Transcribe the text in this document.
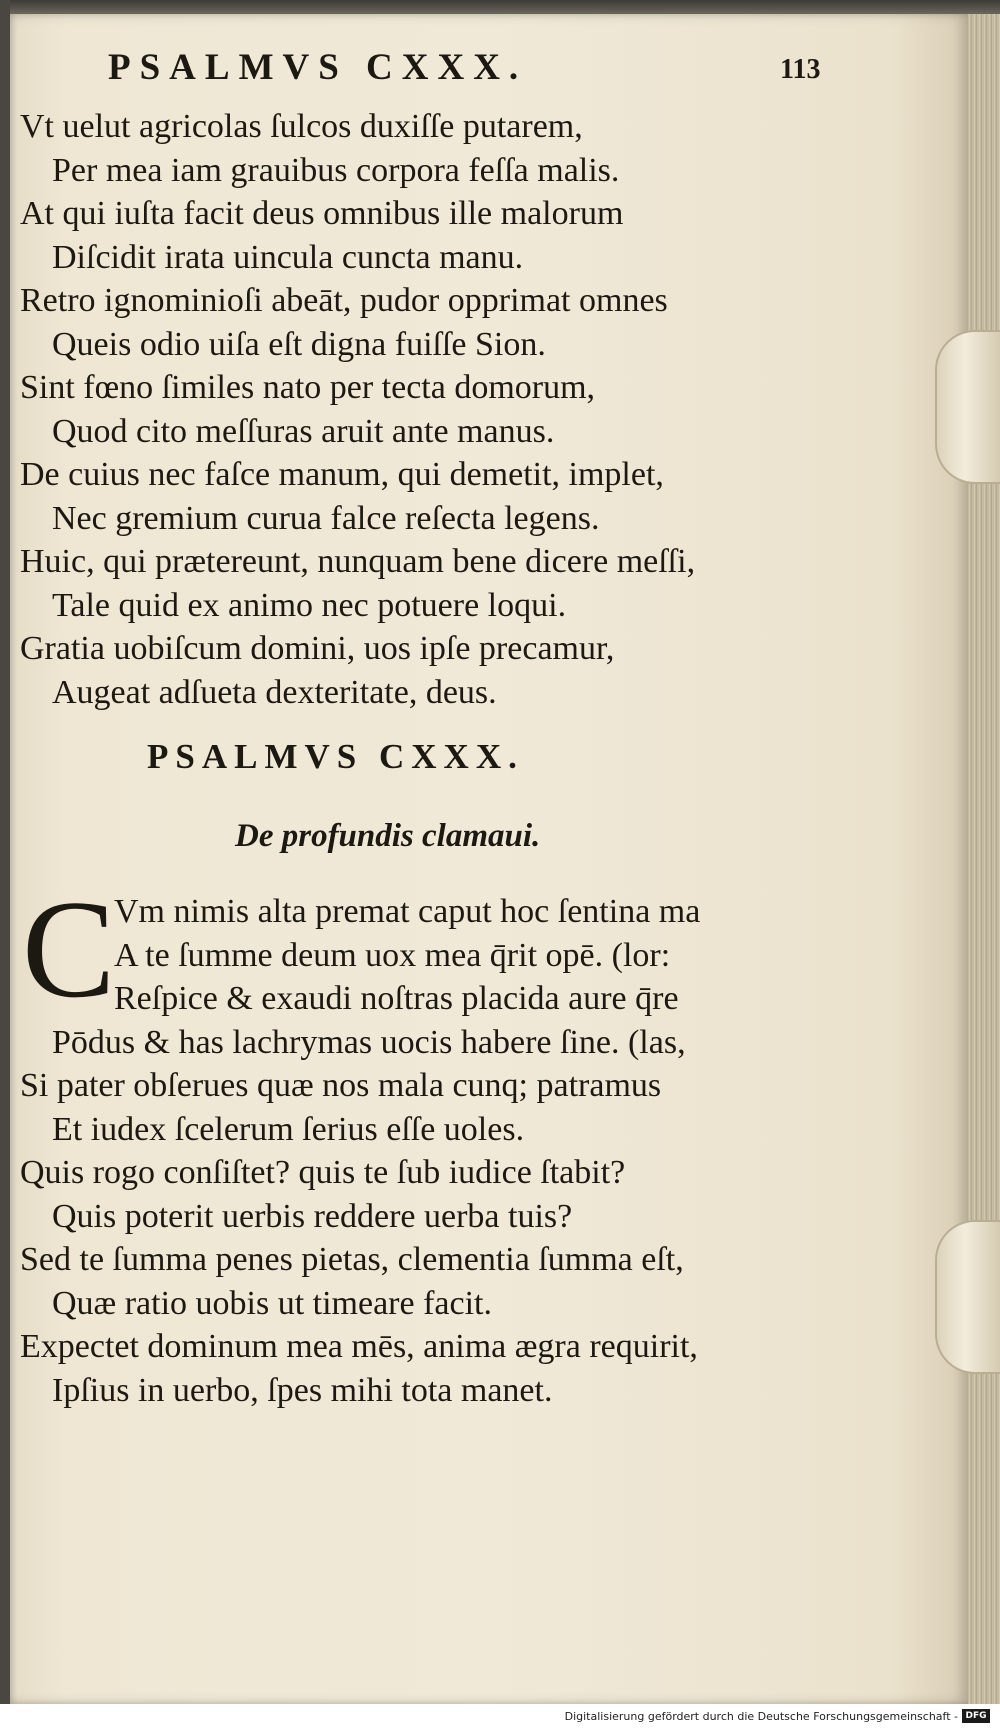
PSALMVS CXXX.	113
Vt uelut agricolas ſulcos duxiſſe putarem,
Per mea iam grauibus corpora feſſa malis.
At qui iuſta facit deus omnibus ille malorum
Diſcidit irata uincula cuncta manu.
Retro ignominioſi abeāt, pudor opprimat omnes
Queis odio uiſa eſt digna fuiſſe Sion.
Sint fœno ſimiles nato per tecta domorum,
Quod cito meſſuras aruit ante manus.
De cuius nec faſce manum, qui demetit, implet,
Nec gremium curua falce reſecta legens.
Huic, qui prætereunt, nunquam bene dicere meſſi,
Tale quid ex animo nec potuere loqui.
Gratia uobiſcum domini, uos ipſe precamur,
Augeat adſueta dexteritate, deus.
PSALMVS CXXX.
De profundis clamaui.
C
Vm nimis alta premat caput hoc ſentina ma
A te ſumme deum uox mea q̄rit opē. (lor:
Reſpice & exaudi noſtras placida aure q̄re
Pōdus & has lachrymas uocis habere ſine. (las,
Si pater obſerues quæ nos mala cunq; patramus
Et iudex ſcelerum ſerius eſſe uoles.
Quis rogo conſiſtet? quis te ſub iudice ſtabit?
Quis poterit uerbis reddere uerba tuis?
Sed te ſumma penes pietas, clementia ſumma eſt,
Quæ ratio uobis ut timeare facit.
Expectet dominum mea mēs, anima ægra requirit,
Ipſius in uerbo, ſpes mihi tota manet.
Digitalisierung gefördert durch die Deutsche Forschungsgemeinschaft - DFG
